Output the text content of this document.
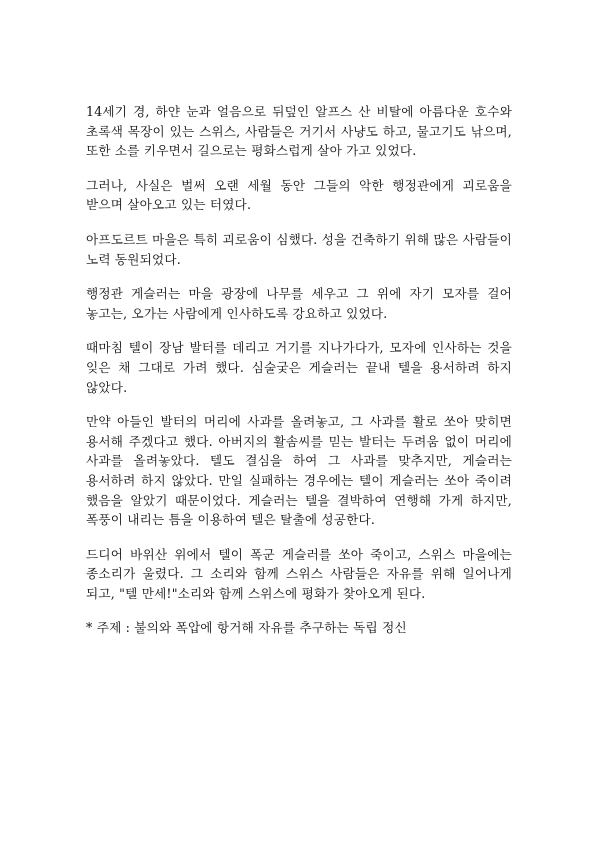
14세기 경, 하얀 눈과 얼음으로 뒤덮인 알프스 산 비탈에 아름다운 호수와 초록색 목장이 있는 스위스, 사람들은 거기서 사냥도 하고, 물고기도 낚으며, 또한 소를 키우면서 길으로는 평화스럽게 살아 가고 있었다.

그러나, 사실은 벌써 오랜 세월 동안 그들의 악한 행정관에게 괴로움을 받으며 살아오고 있는 터였다.

아프도르트 마을은 특히 괴로움이 심했다. 성을 건축하기 위해 많은 사람들이 노력 동원되었다.

행정관 게슬러는 마을 광장에 나무를 세우고 그 위에 자기 모자를 걸어 놓고는, 오가는 사람에게 인사하도록 강요하고 있었다.

때마침 텔이 장남 발터를 데리고 거기를 지나가다가, 모자에 인사하는 것을 잊은 채 그대로 가려 했다. 심술궂은 게슬러는 끝내 텔을 용서하려 하지 않았다.

만약 아들인 발터의 머리에 사과를 올려놓고, 그 사과를 활로 쏘아 맞히면 용서해 주겠다고 했다. 아버지의 활솜씨를 믿는 발터는 두려움 없이 머리에 사과를 올려놓았다. 텔도 결심을 하여 그 사과를 맞추지만, 게슬러는 용서하려 하지 않았다. 만일 실패하는 경우에는 텔이 게슬러는 쏘아 죽이려 했음을 알았기 때문이었다. 게슬러는 텔을 결박하여 연행해 가게 하지만, 폭풍이 내리는 틈을 이용하여 텔은 탈출에 성공한다.

드디어 바위산 위에서 텔이 폭군 게슬러를 쏘아 죽이고, 스위스 마을에는 종소리가 울렸다. 그 소리와 함께 스위스 사람들은 자유를 위해 일어나게 되고, "텔 만세!"소리와 함께 스위스에 평화가 찾아오게 된다.

* 주제 : 불의와 폭압에 항거해 자유를 추구하는 독립 정신
